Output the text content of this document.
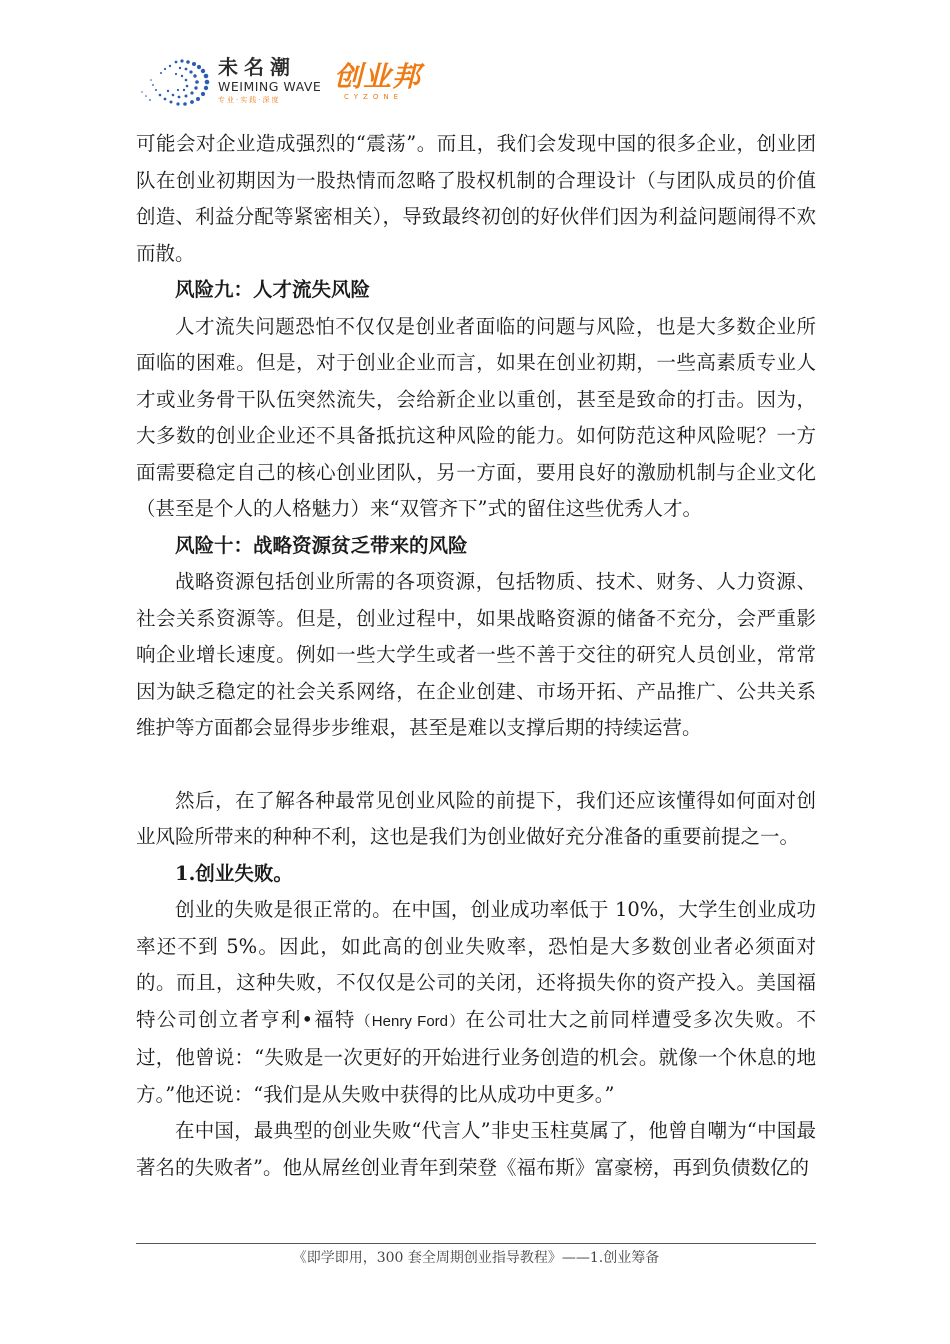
未名潮
WEIMING WAVE
专业·实践·深度
创业邦
CYZONE

可能会对企业造成强烈的“震荡”。而且，我们会发现中国的很多企业，创业团队在创业初期因为一股热情而忽略了股权机制的合理设计（与团队成员的价值创造、利益分配等紧密相关），导致最终初创的好伙伴们因为利益问题闹得不欢而散。

风险九：人才流失风险

人才流失问题恐怕不仅仅是创业者面临的问题与风险，也是大多数企业所面临的困难。但是，对于创业企业而言，如果在创业初期，一些高素质专业人才或业务骨干队伍突然流失，会给新企业以重创，甚至是致命的打击。因为，大多数的创业企业还不具备抵抗这种风险的能力。如何防范这种风险呢？一方面需要稳定自己的核心创业团队，另一方面，要用良好的激励机制与企业文化（甚至是个人的人格魅力）来“双管齐下”式的留住这些优秀人才。

风险十：战略资源贫乏带来的风险

战略资源包括创业所需的各项资源，包括物质、技术、财务、人力资源、社会关系资源等。但是，创业过程中，如果战略资源的储备不充分，会严重影响企业增长速度。例如一些大学生或者一些不善于交往的研究人员创业，常常因为缺乏稳定的社会关系网络，在企业创建、市场开拓、产品推广、公共关系维护等方面都会显得步步维艰，甚至是难以支撑后期的持续运营。

然后，在了解各种最常见创业风险的前提下，我们还应该懂得如何面对创业风险所带来的种种不利，这也是我们为创业做好充分准备的重要前提之一。

1.创业失败。

创业的失败是很正常的。在中国，创业成功率低于 10%，大学生创业成功率还不到 5%。因此，如此高的创业失败率，恐怕是大多数创业者必须面对的。而且，这种失败，不仅仅是公司的关闭，还将损失你的资产投入。美国福特公司创立者亨利•福特（Henry Ford）在公司壮大之前同样遭受多次失败。不过，他曾说：“失败是一次更好的开始进行业务创造的机会。就像一个休息的地方。”他还说：“我们是从失败中获得的比从成功中更多。”

在中国，最典型的创业失败“代言人”非史玉柱莫属了，他曾自嘲为“中国最著名的失败者”。他从屌丝创业青年到荣登《福布斯》富豪榜，再到负债数亿的

《即学即用，300 套全周期创业指导教程》——1.创业筹备
